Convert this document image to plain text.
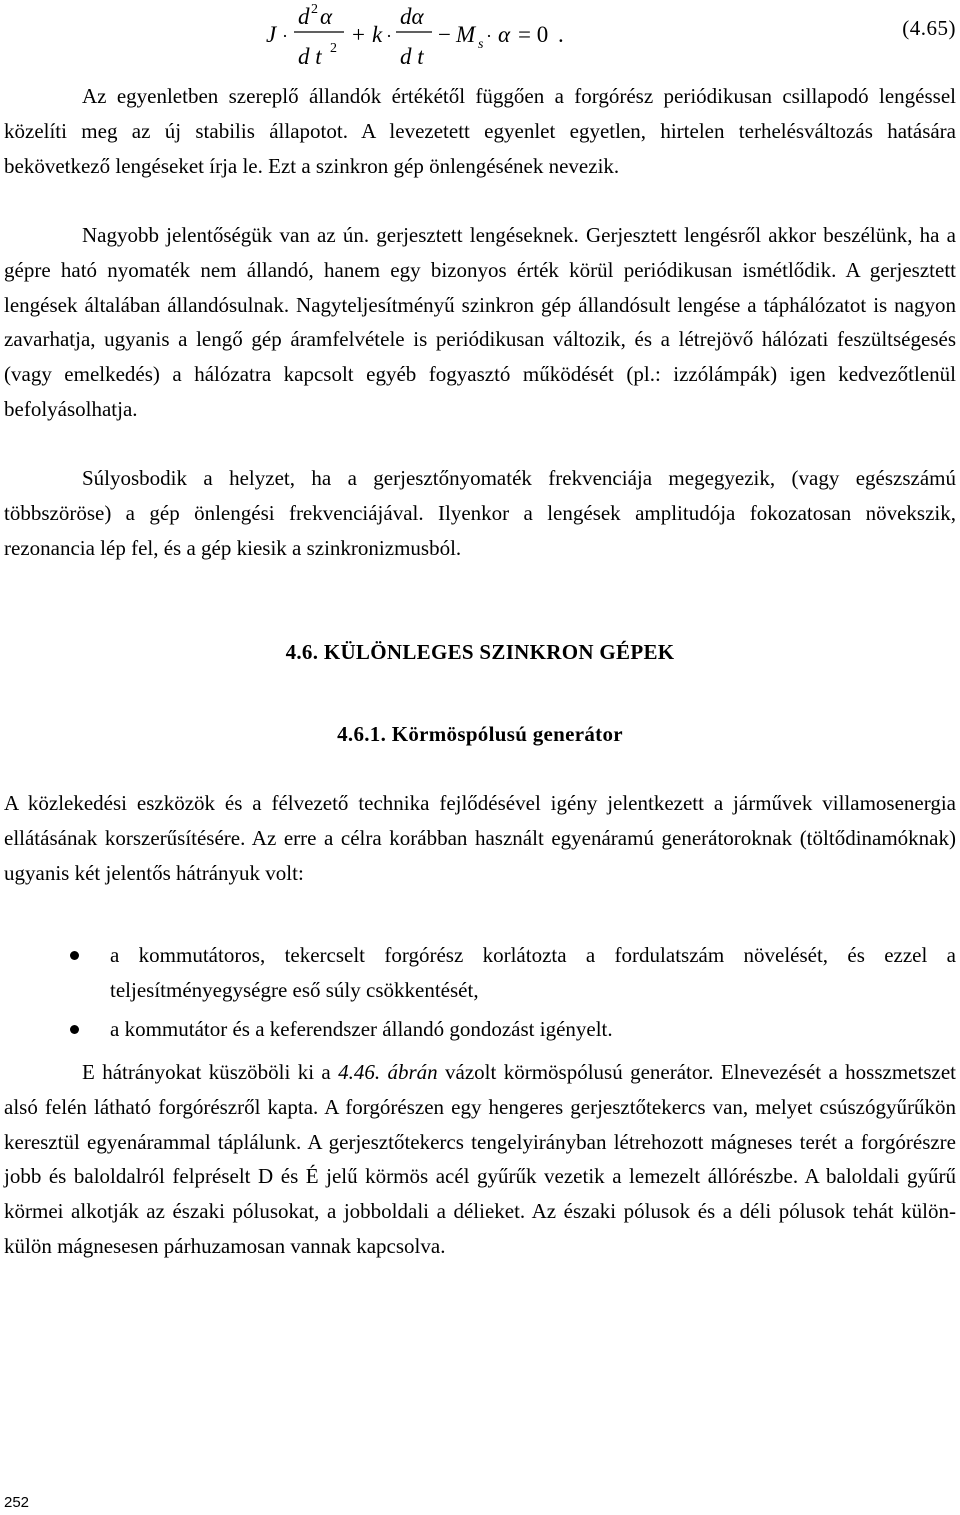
J ·
d 2 α
d t 2
+ k ·
dα
d t
− M s · α = 0 .	(4.65)

Az egyenletben szereplő állandók értékétől függően a forgórész periódikusan csillapodó lengéssel közelíti meg az új stabilis állapotot. A levezetett egyenlet egyetlen, hirtelen terhelésváltozás hatására bekövetkező lengéseket írja le. Ezt a szinkron gép önlengésének nevezik.

Nagyobb jelentőségük van az ún. gerjesztett lengéseknek. Gerjesztett lengésről akkor beszélünk, ha a gépre ható nyomaték nem állandó, hanem egy bizonyos érték körül periódikusan ismétlődik. A gerjesztett lengések általában állandósulnak. Nagyteljesítményű szinkron gép állandósult lengése a táphálózatot is nagyon zavarhatja, ugyanis a lengő gép áramfelvétele is periódikusan változik, és a létrejövő hálózati feszültségesés (vagy emelkedés) a hálózatra kapcsolt egyéb fogyasztó működését (pl.: izzólámpák) igen kedvezőtlenül befolyásolhatja.

Súlyosbodik a helyzet, ha a gerjesztőnyomaték frekvenciája megegyezik, (vagy egészszámú többszöröse) a gép önlengési frekvenciájával. Ilyenkor a lengések amplitudója fokozatosan növekszik, rezonancia lép fel, és a gép kiesik a szinkronizmusból.

4.6. KÜLÖNLEGES SZINKRON GÉPEK
4.6.1. Körmöspólusú generátor

A közlekedési eszközök és a félvezető technika fejlődésével igény jelentkezett a járművek villamosenergia ellátásának korszerűsítésére. Az erre a célra korábban használt egyenáramú generátoroknak (töltődinamóknak) ugyanis két jelentős hátrányuk volt:

a kommutátoros, tekercselt forgórész korlátozta a fordulatszám növelését, és ezzel a teljesítményegységre eső súly csökkentését,
a kommutátor és a keferendszer állandó gondozást igényelt.

E hátrányokat küszöböli ki a 4.46. ábrán vázolt körmöspólusú generátor. Elnevezését a hosszmetszet alsó felén látható forgórészről kapta. A forgórészen egy hengeres gerjesztőtekercs van, melyet csúszógyűrűkön keresztül egyenárammal táplálunk. A gerjesztőtekercs tengelyirányban létrehozott mágneses terét a forgórészre jobb és baloldalról felpréselt D és É jelű körmös acél gyűrűk vezetik a lemezelt állórészbe. A baloldali gyűrű körmei alkotják az északi pólusokat, a jobboldali a délieket. Az északi pólusok és a déli pólusok tehát külön-külön mágnesesen párhuzamosan vannak kapcsolva.

252
